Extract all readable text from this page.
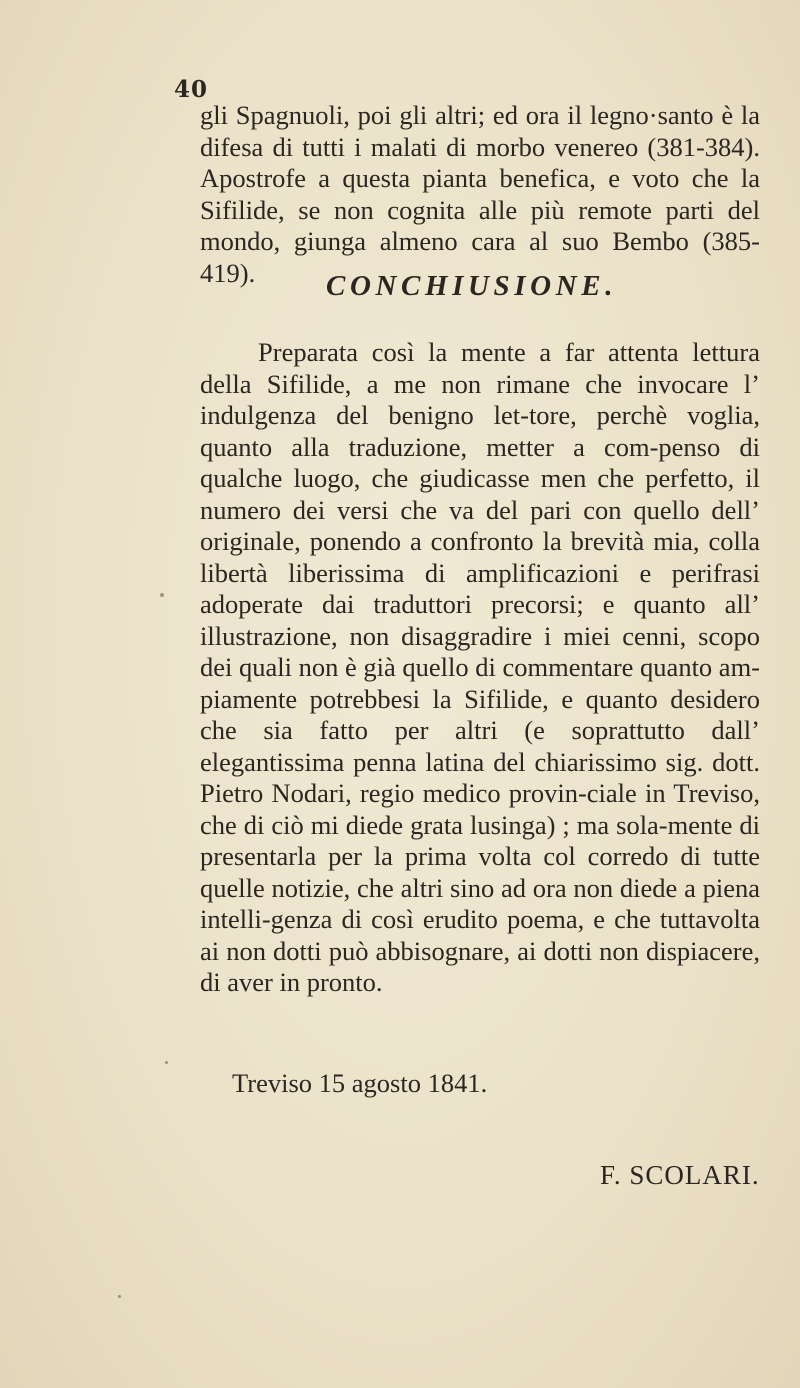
40

gli Spagnuoli, poi gli altri; ed ora il legno·santo è la difesa di tutti i malati di morbo venereo (381-384). Apostrofe a questa pianta benefica, e voto che la Sifilide, se non cognita alle più remote parti del mondo, giunga almeno cara al suo Bembo (385-419).	CONCHIUSIONE.

Preparata così la mente a far attenta lettura della Sifilide, a me non rimane che invocare l’ indulgenza del benigno let-tore, perchè voglia, quanto alla traduzione, metter a com-penso di qualche luogo, che giudicasse men che perfetto, il numero dei versi che va del pari con quello dell’ originale, ponendo a confronto la brevità mia, colla libertà liberissima di amplificazioni e perifrasi adoperate dai traduttori precorsi; e quanto all’ illustrazione, non disaggradire i miei cenni, scopo dei quali non è già quello di commentare quanto am-piamente potrebbesi la Sifilide, e quanto desidero che sia fatto per altri (e soprattutto dall’ elegantissima penna latina del chiarissimo sig. dott. Pietro Nodari, regio medico provin-ciale in Treviso, che di ciò mi diede grata lusinga) ; ma sola-mente di presentarla per la prima volta col corredo di tutte quelle notizie, che altri sino ad ora non diede a piena intelli-genza di così erudito poema, e che tuttavolta ai non dotti può abbisognare, ai dotti non dispiacere, di aver in pronto.

Treviso 15 agosto 1841.

F. SCOLARI.
